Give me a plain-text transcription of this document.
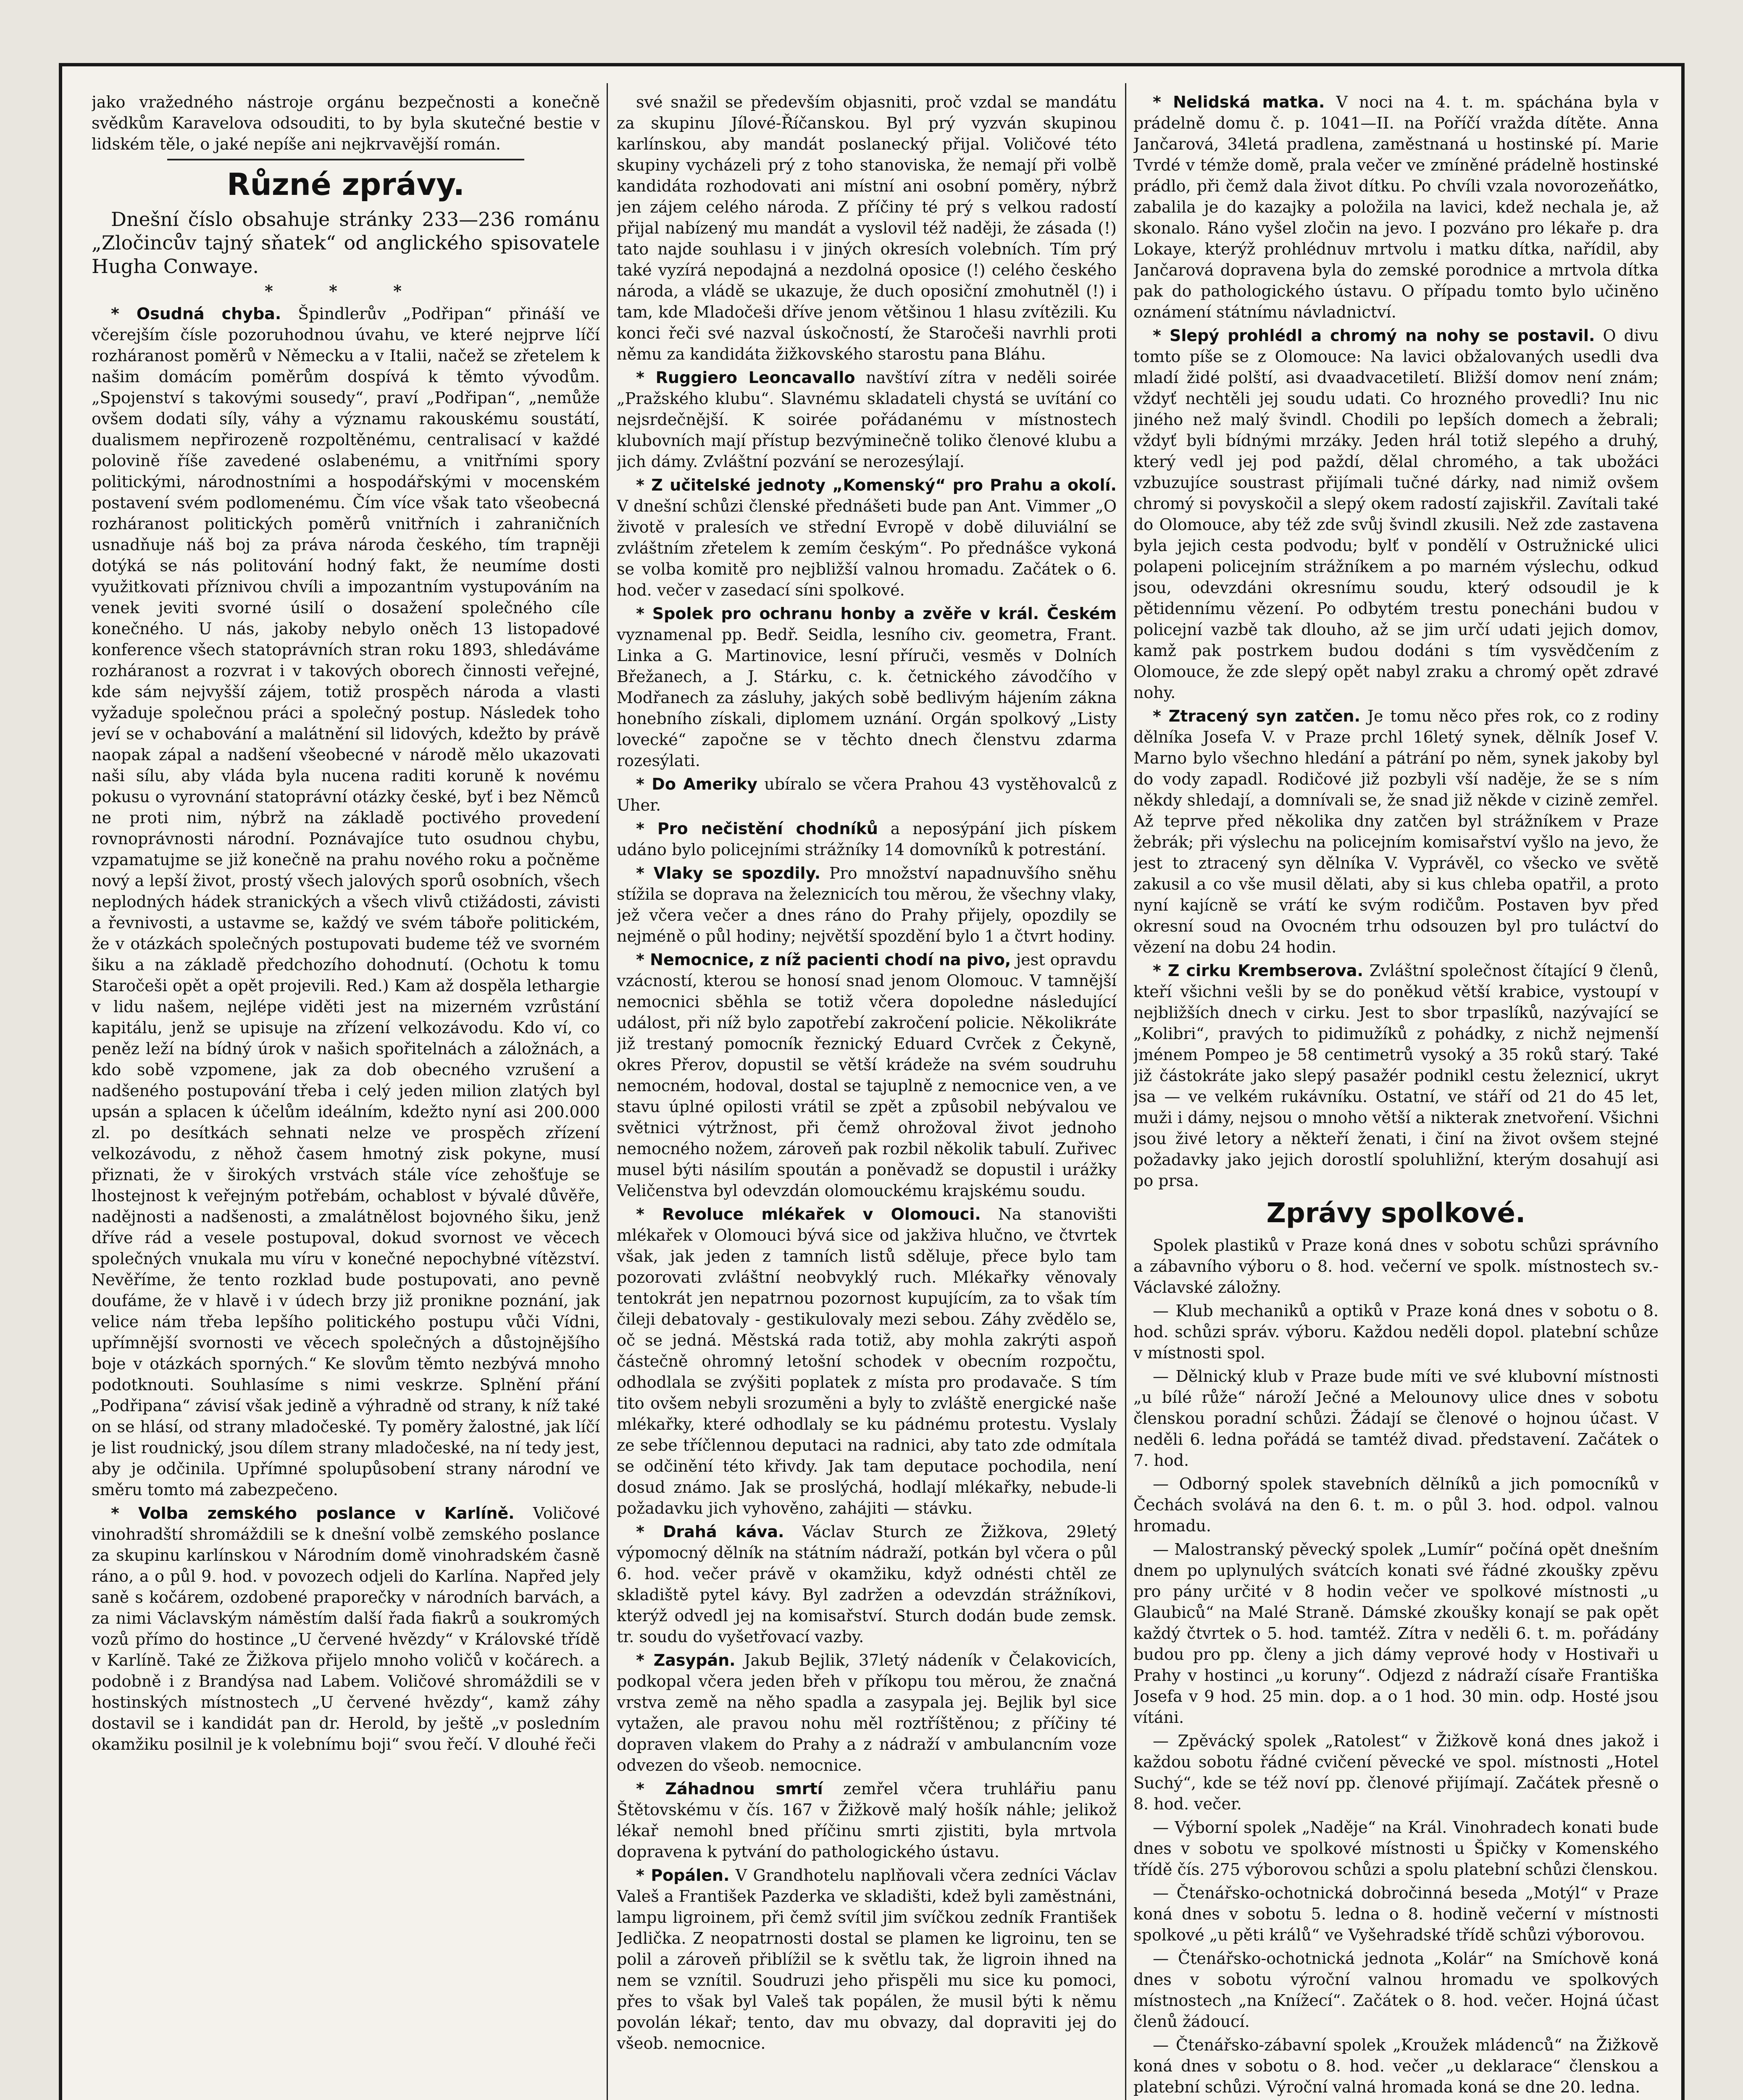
jako vražedného nástroje orgánu bezpečnosti a konečně svědkům Karavelova odsouditi, to by byla skutečné bestie v lidském těle, o jaké nepíše ani nejkrvavější román.

Různé zprávy.

Dnešní číslo obsahuje stránky 233—236 románu „Zločincův tajný sňatek“ od anglického spisovatele Hugha Conwaye.

* * *

* Osudná chyba. Špindlerův „Podřipan“ přináší ve včerejším čísle pozoruhodnou úvahu, ve které nejprve líčí rozháranost poměrů v Německu a v Italii, načež se zřetelem k našim domácím poměrům dospívá k těmto vývodům. „Spojenství s takovými sousedy“, praví „Podřipan“, „nemůže ovšem dodati síly, váhy a významu rakouskému soustátí, dualismem nepřirozeně rozpoltěnému, centralisací v každé polovině říše zavedené oslabenému, a vnitřními spory politickými, národnostními a hospodářskými v mocenském postavení svém podlomenému. Čím více však tato všeobecná rozháranost politických poměrů vnitřních i zahraničních usnadňuje náš boj za práva národa českého, tím trapněji dotýká se nás politování hodný fakt, že neumíme dosti využitkovati příznivou chvíli a impozantním vystupováním na venek jeviti svorné úsilí o dosažení společného cíle konečného. U nás, jakoby nebylo oněch 13 listopadové konference všech statoprávních stran roku 1893, shledáváme rozháranost a rozvrat i v takových oborech činnosti veřejné, kde sám nejvyšší zájem, totiž prospěch národa a vlasti vyžaduje společnou práci a společný postup. Následek toho jeví se v ochabování a malátnění sil lidových, kdežto by právě naopak zápal a nadšení všeobecné v národě mělo ukazovati naši sílu, aby vláda byla nucena raditi koruně k novému pokusu o vyrovnání statoprávní otázky české, byť i bez Němců ne proti nim, nýbrž na základě poctivého provedení rovnoprávnosti národní. Poznávajíce tuto osudnou chybu, vzpamatujme se již konečně na prahu nového roku a počněme nový a lepší život, prostý všech jalových sporů osobních, všech neplodných hádek stranických a všech vlivů ctižádosti, závisti a řevnivosti, a ustavme se, každý ve svém táboře politickém, že v otázkách společných postupovati budeme též ve svorném šiku a na základě předchozího dohodnutí. (Ochotu k tomu Staročeši opět a opět projevili. Red.) Kam až dospěla lethargie v lidu našem, nejlépe viděti jest na mizerném vzrůstání kapitálu, jenž se upisuje na zřízení velkozávodu. Kdo ví, co peněz leží na bídný úrok v našich spořitelnách a záložnách, a kdo sobě vzpomene, jak za dob obecného vzrušení a nadšeného postupování třeba i celý jeden milion zlatých byl upsán a splacen k účelům ideálním, kdežto nyní asi 200.000 zl. po desítkách sehnati nelze ve prospěch zřízení velkozávodu, z něhož časem hmotný zisk pokyne, musí přiznati, že v širokých vrstvách stále více zehošťuje se lhostejnost k veřejným potřebám, ochablost v bývalé důvěře, nadějnosti a nadšenosti, a zmalátnělost bojovného šiku, jenž dříve rád a vesele postupoval, dokud svornost ve věcech společných vnukala mu víru v konečné nepochybné vítězství. Nevěříme, že tento rozklad bude postupovati, ano pevně doufáme, že v hlavě i v údech brzy již pronikne poznání, jak velice nám třeba lepšího politického postupu vůči Vídni, upřímnější svornosti ve věcech společných a důstojnějšího boje v otázkách sporných.“ Ke slovům těmto nezbývá mnoho podotknouti. Souhlasíme s nimi veskrze. Splnění přání „Podřipana“ závisí však jedině a výhradně od strany, k níž také on se hlásí, od strany mladočeské. Ty poměry žalostné, jak líčí je list roudnický, jsou dílem strany mladočeské, na ní tedy jest, aby je odčinila. Upřímné spolupůsobení strany národní ve směru tomto má zabezpečeno.

* Volba zemského poslance v Karlíně. Voličové vinohradští shromáždili se k dnešní volbě zemského poslance za skupinu karlínskou v Národním domě vinohradském časně ráno, a o půl 9. hod. v povozech odjeli do Karlína. Napřed jely saně s kočárem, ozdobené praporečky v národních barvách, a za nimi Václavským náměstím další řada fiakrů a soukromých vozů přímo do hostince „U červené hvězdy“ v Královské třídě v Karlíně. Také ze Žižkova přijelo mnoho voličů v kočárech. a podobně i z Brandýsa nad Labem. Voličové shromáždili se v hostinských místnostech „U červené hvězdy“, kamž záhy dostavil se i kandidát pan dr. Herold, by ještě „v posledním okamžiku posilnil je k volebnímu boji“ svou řečí. V dlouhé řeči

své snažil se především objasniti, proč vzdal se mandátu za skupinu Jílové-Říčanskou. Byl prý vyzván skupinou karlínskou, aby mandát poslanecký přijal. Voličové této skupiny vycházeli prý z toho stanoviska, že nemají při volbě kandidáta rozhodovati ani místní ani osobní poměry, nýbrž jen zájem celého národa. Z příčiny té prý s velkou radostí přijal nabízený mu mandát a vyslovil též naději, že zásada (!) tato najde souhlasu i v jiných okresích volebních. Tím prý také vyzírá nepodajná a nezdolná oposice (!) celého českého národa, a vládě se ukazuje, že duch oposiční zmohutněl (!) i tam, kde Mladočeši dříve jenom většinou 1 hlasu zvítězili. Ku konci řeči své nazval úskočností, že Staročeši navrhli proti němu za kandidáta žižkovského starostu pana Bláhu.

* Ruggiero Leoncavallo navštíví zítra v neděli soirée „Pražského klubu“. Slavnému skladateli chystá se uvítání co nejsrdečnější. K soirée pořádanému v místnostech klubovních mají přístup bezvýminečně toliko členové klubu a jich dámy. Zvláštní pozvání se nerozesýlají.

* Z učitelské jednoty „Komenský“ pro Prahu a okolí. V dnešní schůzi členské přednášeti bude pan Ant. Vimmer „O životě v pralesích ve střední Evropě v době diluviální se zvláštním zřetelem k zemím českým“. Po přednášce vykoná se volba komitě pro nejbližší valnou hromadu. Začátek o 6. hod. večer v zasedací síni spolkové.

* Spolek pro ochranu honby a zvěře v král. Českém vyznamenal pp. Bedř. Seidla, lesního civ. geometra, Frant. Linka a G. Martinovice, lesní příruči, vesměs v Dolních Břežanech, a J. Stárku, c. k. četnického závodčího v Modřanech za zásluhy, jakých sobě bedlivým hájením zákna honebního získali, diplomem uznání. Orgán spolkový „Listy lovecké“ započne se v těchto dnech členstvu zdarma rozesýlati.

* Do Ameriky ubíralo se včera Prahou 43 vystěhovalců z Uher.

* Pro nečistění chodníků a neposýpání jich pískem udáno bylo policejními strážníky 14 domovníků k potrestání.

* Vlaky se spozdily. Pro množství napadnuvšího sněhu stížila se doprava na železnicích tou měrou, že všechny vlaky, jež včera večer a dnes ráno do Prahy přijely, opozdily se nejméně o půl hodiny; největší spozdění bylo 1 a čtvrt hodiny.

* Nemocnice, z níž pacienti chodí na pivo, jest opravdu vzácností, kterou se honosí snad jenom Olomouc. V tamnější nemocnici sběhla se totiž včera dopoledne následující událost, při níž bylo zapotřebí zakročení policie. Několikráte již trestaný pomocník řeznický Eduard Cvrček z Čekyně, okres Přerov, dopustil se větší krádeže na svém soudruhu nemocném, hodoval, dostal se tajuplně z nemocnice ven, a ve stavu úplné opilosti vrátil se zpět a způsobil nebývalou ve světnici výtržnost, při čemž ohrožoval život jednoho nemocného nožem, zároveň pak rozbil několik tabulí. Zuřivec musel býti násilím spoután a poněvadž se dopustil i urážky Veličenstva byl odevzdán olomouckému krajskému soudu.

* Revoluce mlékařek v Olomouci. Na stanovišti mlékařek v Olomouci bývá sice od jakživa hlučno, ve čtvrtek však, jak jeden z tamních listů sděluje, přece bylo tam pozorovati zvláštní neobvyklý ruch. Mlékařky věnovaly tentokrát jen nepatrnou pozornost kupujícím, za to však tím čileji debatovaly - gestikulovaly mezi sebou. Záhy zvědělo se, oč se jedná. Městská rada totiž, aby mohla zakrýti aspoň částečně ohromný letošní schodek v obecním rozpočtu, odhodlala se zvýšiti poplatek z místa pro prodavače. S tím tito ovšem nebyli srozuměni a byly to zvláště energické naše mlékařky, které odhodlaly se ku pádnému protestu. Vyslaly ze sebe tříčlennou deputaci na radnici, aby tato zde odmítala se odčinění této křivdy. Jak tam deputace pochodila, není dosud známo. Jak se proslýchá, hodlají mlékařky, nebude-li požadavku jich vyhověno, zahájiti — stávku.

* Drahá káva. Václav Sturch ze Žižkova, 29letý výpomocný dělník na státním nádraží, potkán byl včera o půl 6. hod. večer právě v okamžiku, když odnésti chtěl ze skladiště pytel kávy. Byl zadržen a odevzdán strážníkovi, kterýž odvedl jej na komisařství. Sturch dodán bude zemsk. tr. soudu do vyšetřovací vazby.

* Zasypán. Jakub Bejlik, 37letý nádeník v Čelakovicích, podkopal včera jeden břeh v příkopu tou měrou, že značná vrstva země na něho spadla a zasypala jej. Bejlik byl sice vytažen, ale pravou nohu měl roztříštěnou; z příčiny té dopraven vlakem do Prahy a z nádraží v ambulancním voze odvezen do všeob. nemocnice.

* Záhadnou smrtí zemřel včera truhlářiu panu Štětovskému v čís. 167 v Žižkově malý hošík náhle; jelikož lékař nemohl bned příčinu smrti zjistiti, byla mrtvola dopravena k pytvání do pathologického ústavu.

* Popálen. V Grandhotelu naplňovali včera zedníci Václav Valeš a František Pazderka ve skladišti, kdež byli zaměstnáni, lampu ligroinem, při čemž svítil jim svíčkou zedník František Jedlička. Z neopatrnosti dostal se plamen ke ligroinu, ten se polil a zároveň přiblížil se k světlu tak, že ligroin ihned na nem se vznítil. Soudruzi jeho přispěli mu sice ku pomoci, přes to však byl Valeš tak popálen, že musil býti k němu povolán lékař; tento, dav mu obvazy, dal dopraviti jej do všeob. nemocnice.

* Nelidská matka. V noci na 4. t. m. spáchána byla v prádelně domu č. p. 1041—II. na Poříčí vražda dítěte. Anna Jančarová, 34letá pradlena, zaměstnaná u hostinské pí. Marie Tvrdé v témže domě, prala večer ve zmíněné prádelně hostinské prádlo, při čemž dala život dítku. Po chvíli vzala novorozeňátko, zabalila je do kazajky a položila na lavici, kdež nechala je, až skonalo. Ráno vyšel zločin na jevo. I pozváno pro lékaře p. dra Lokaye, kterýž prohlédnuv mrtvolu i matku dítka, nařídil, aby Jančarová dopravena byla do zemské porodnice a mrtvola dítka pak do pathologického ústavu. O případu tomto bylo učiněno oznámení státnímu návladnictví.

* Slepý prohlédl a chromý na nohy se postavil. O divu tomto píše se z Olomouce: Na lavici obžalovaných usedli dva mladí židé polští, asi dvaadvacetiletí. Bližší domov není znám; vždyť nechtěli jej soudu udati. Co hrozného provedli? Inu nic jiného než malý švindl. Chodili po lepších domech a žebrali; vždyť byli bídnými mrzáky. Jeden hrál totiž slepého a druhý, který vedl jej pod paždí, dělal chromého, a tak ubožáci vzbuzujíce soustrast přijímali tučné dárky, nad nimiž ovšem chromý si povyskočil a slepý okem radostí zajiskřil. Zavítali také do Olomouce, aby též zde svůj švindl zkusili. Než zde zastavena byla jejich cesta podvodu; bylť v pondělí v Ostružnické ulici polapeni policejním strážníkem a po marném výslechu, odkud jsou, odevzdáni okresnímu soudu, který odsoudil je k pětidennímu vězení. Po odbytém trestu ponecháni budou v policejní vazbě tak dlouho, až se jim určí udati jejich domov, kamž pak postrkem budou dodáni s tím vysvědčením z Olomouce, že zde slepý opět nabyl zraku a chromý opět zdravé nohy.

* Ztracený syn zatčen. Je tomu něco přes rok, co z rodiny dělníka Josefa V. v Praze prchl 16letý synek, dělník Josef V. Marno bylo všechno hledání a pátrání po něm, synek jakoby byl do vody zapadl. Rodičové již pozbyli vší naděje, že se s ním někdy shledají, a domnívali se, že snad již někde v cizině zemřel. Až teprve před několika dny zatčen byl strážníkem v Praze žebrák; při výslechu na policejním komisařství vyšlo na jevo, že jest to ztracený syn dělníka V. Vyprávěl, co všecko ve světě zakusil a co vše musil dělati, aby si kus chleba opatřil, a proto nyní kajícně se vrátí ke svým rodičům. Postaven byv před okresní soud na Ovocném trhu odsouzen byl pro tuláctví do vězení na dobu 24 hodin.

* Z cirku Krembserova. Zvláštní společnost čítající 9 členů, kteří všichni vešli by se do poněkud větší krabice, vystoupí v nejbližších dnech v cirku. Jest to sbor trpaslíků, nazývající se „Kolibri“, pravých to pidimužíků z pohádky, z nichž nejmenší jménem Pompeo je 58 centimetrů vysoký a 35 roků starý. Také již částokráte jako slepý pasažér podnikl cestu železnicí, ukryt jsa — ve velkém rukávníku. Ostatní, ve stáří od 21 do 45 let, muži i dámy, nejsou o mnoho větší a nikterak znetvoření. Všichni jsou živé letory a někteří ženati, i činí na život ovšem stejné požadavky jako jejich dorostlí spoluhližní, kterým dosahují asi po prsa.

Zprávy spolkové.

Spolek plastiků v Praze koná dnes v sobotu schůzi správního a zábavního výboru o 8. hod. večerní ve spolk. místnostech sv.-Václavské záložny.

— Klub mechaniků a optiků v Praze koná dnes v sobotu o 8. hod. schůzi správ. výboru. Každou neděli dopol. platební schůze v místnosti spol.

— Dělnický klub v Praze bude míti ve své klubovní místnosti „u bílé růže“ nároží Ječné a Melounovy ulice dnes v sobotu členskou poradní schůzi. Žádají se členové o hojnou účast. V neděli 6. ledna pořádá se tamtéž divad. představení. Začátek o 7. hod.

— Odborný spolek stavebních dělníků a jich pomocníků v Čechách svolává na den 6. t. m. o půl 3. hod. odpol. valnou hromadu.

— Malostranský pěvecký spolek „Lumír“ počíná opět dnešním dnem po uplynulých svátcích konati své řádné zkoušky zpěvu pro pány určité v 8 hodin večer ve spolkové místnosti „u Glaubiců“ na Malé Straně. Dámské zkoušky konají se pak opět každý čtvrtek o 5. hod. tamtéž. Zítra v neděli 6. t. m. pořádány budou pro pp. členy a jich dámy veprové hody v Hostivaři u Prahy v hostinci „u koruny“. Odjezd z nádraží císaře Františka Josefa v 9 hod. 25 min. dop. a o 1 hod. 30 min. odp. Hosté jsou vítáni.

— Zpěvácký spolek „Ratolest“ v Žižkově koná dnes jakož i každou sobotu řádné cvičení pěvecké ve spol. místnosti „Hotel Suchý“, kde se též noví pp. členové přijímají. Začátek přesně o 8. hod. večer.

— Výborní spolek „Naděje“ na Král. Vinohradech konati bude dnes v sobotu ve spolkové místnosti u Špičky v Komenského třídě čís. 275 výborovou schůzi a spolu platební schůzi členskou.

— Čtenářsko-ochotnická dobročinná beseda „Motýl“ v Praze koná dnes v sobotu 5. ledna o 8. hodině večerní v místnosti spolkové „u pěti králů“ ve Vyšehradské třídě schůzi výborovou.

— Čtenářsko-ochotnická jednota „Kolár“ na Smíchově koná dnes v sobotu výroční valnou hromadu ve spolkových místnostech „na Knížecí“. Začátek o 8. hod. večer. Hojná účast členů žádoucí.

— Čtenářsko-zábavní spolek „Kroužek mládenců“ na Žižkově koná dnes v sobotu o 8. hod. večer „u deklarace“ členskou a platební schůzi. Výroční valná hromada koná se dne 20. ledna.
